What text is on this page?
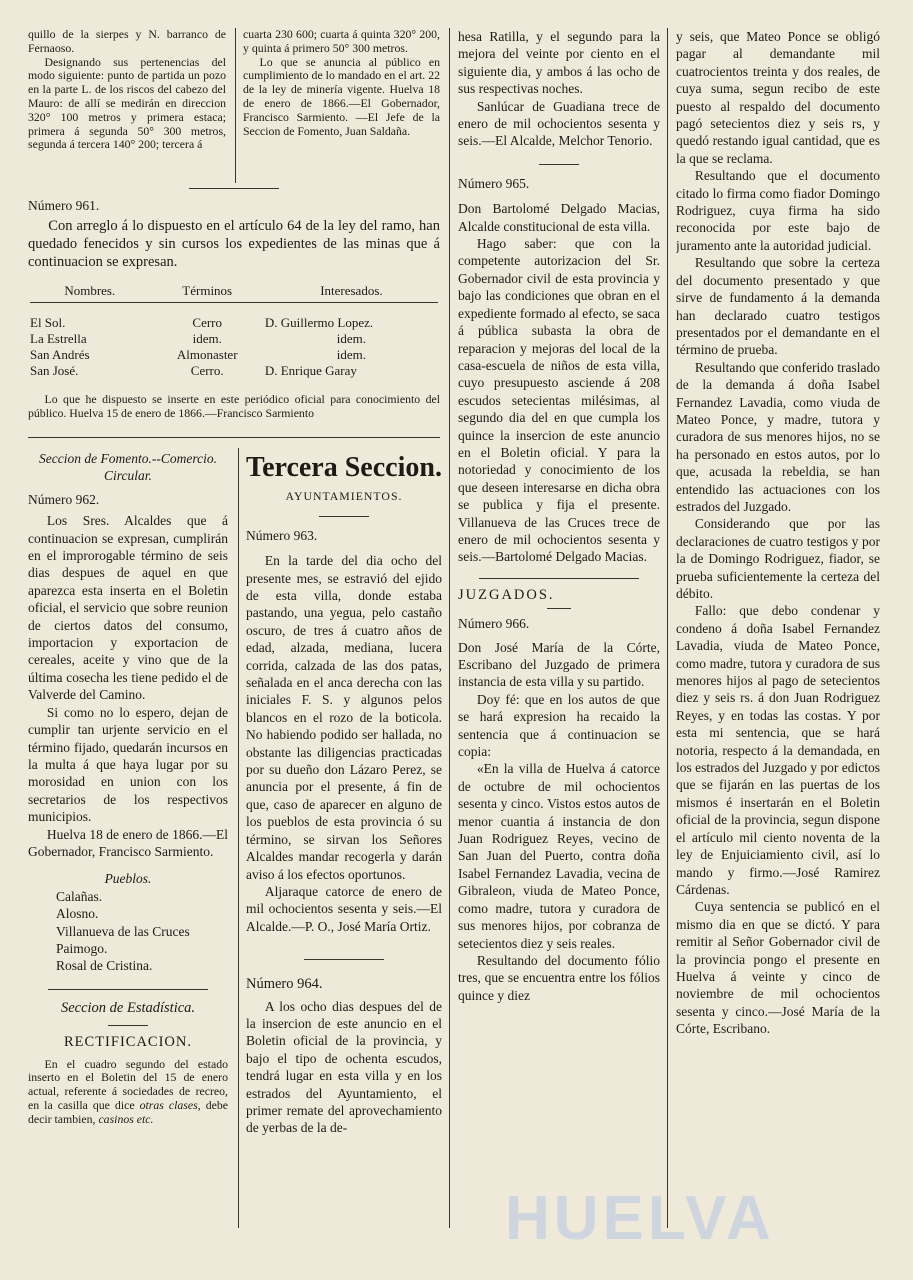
quillo de la sierpes y N. barranco de Fernaoso.

Designando sus pertenencias del modo siguiente: punto de partida un pozo en la parte L. de los riscos del cabezo del Mauro: de allí se medirán en direccion 320° 100 metros y primera estaca; primera á segunda 50° 300 metros, segunda á tercera 140° 200; tercera á

cuarta 230 600; cuarta á quinta 320° 200, y quinta á primero 50° 300 metros.

Lo que se anuncia al público en cumplimiento de lo mandado en el art. 22 de la ley de minería vigente. Huelva 18 de enero de 1866.—El Gobernador, Francisco Sarmiento. —El Jefe de la Seccion de Fomento, Juan Saldaña.

Número 961.

Con arreglo á lo dispuesto en el artículo 64 de la ley del ramo, han quedado fenecidos y sin cursos los expedientes de las minas que á continuacion se expresan.

Nombres.	Términos	Interesados.

El Sol.	Cerro	D. Guillermo Lopez.
La Estrella	idem.	idem.
San Andrés	Almonaster	idem.
San José.	Cerro.	D. Enrique Garay

Lo que he dispuesto se inserte en este periódico oficial para conocimiento del público. Huelva 15 de enero de 1866.—Francisco Sarmiento

Seccion de Fomento.--Comercio. Circular.

Número 962.

Los Sres. Alcaldes que á continuacion se expresan, cumplirán en el improrogable término de seis dias despues de aquel en que aparezca esta inserta en el Boletin oficial, el servicio que sobre reunion de ciertos datos del consumo, importacion y exportacion de cereales, aceite y vino que de la última cosecha les tiene pedido el de Valverde del Camino.

Si como no lo espero, dejan de cumplir tan urjente servicio en el término fijado, quedarán incursos en la multa á que haya lugar por su morosidad en union con los secretarios de los respectivos municipios.

Huelva 18 de enero de 1866.—El Gobernador, Francisco Sarmiento.

Pueblos.

Calañas.

Alosno.

Villanueva de las Cruces

Paimogo.

Rosal de Cristina.

Seccion de Estadística.

RECTIFICACION.

En el cuadro segundo del estado inserto en el Boletin del 15 de enero actual, referente á sociedades de recreo, en la casilla que dice otras clases, debe decir tambien, casinos etc.

Tercera Seccion.

AYUNTAMIENTOS.

Número 963.

En la tarde del dia ocho del presente mes, se estravió del ejido de esta villa, donde estaba pastando, una yegua, pelo castaño oscuro, de tres á cuatro años de edad, alzada, mediana, lucera corrida, calzada de las dos patas, señalada en el anca derecha con las iniciales F. S. y algunos pelos blancos en el rozo de la boticola. No habiendo podido ser hallada, no obstante las diligencias practicadas por su dueño don Lázaro Perez, se anuncia por el presente, á fin de que, caso de aparecer en alguno de los pueblos de esta provincia ó su término, se sirvan los Señores Alcaldes mandar recogerla y darán aviso á los efectos oportunos.

Aljaraque catorce de enero de mil ochocientos sesenta y seis.—El Alcalde.—P. O., José María Ortiz.

Número 964.

A los ocho dias despues del de la insercion de este anuncio en el Boletin oficial de la provincia, y bajo el tipo de ochenta escudos, tendrá lugar en esta villa y en los estrados del Ayuntamiento, el primer remate del aprovechamiento de yerbas de la de-

hesa Ratilla, y el segundo para la mejora del veinte por ciento en el siguiente dia, y ambos á las ocho de sus respectivas noches.

Sanlúcar de Guadiana trece de enero de mil ochocientos sesenta y seis.—El Alcalde, Melchor Tenorio.

Número 965.

Don Bartolomé Delgado Macias, Alcalde constitucional de esta villa.

Hago saber: que con la competente autorizacion del Sr. Gobernador civil de esta provincia y bajo las condiciones que obran en el expediente formado al efecto, se saca á pública subasta la obra de reparacion y mejoras del local de la casa-escuela de niños de esta villa, cuyo presupuesto asciende á 208 escudos setecientas milésimas, al segundo dia del en que cumpla los quince la insercion de este anuncio en el Boletin oficial. Y para la notoriedad y conocimiento de los que deseen interesarse en dicha obra se publica y fija el presente. Villanueva de las Cruces trece de enero de mil ochocientos sesenta y seis.—Bartolomé Delgado Macias.

JUZGADOS.

Número 966.

Don José María de la Córte, Escribano del Juzgado de primera instancia de esta villa y su partido.

Doy fé: que en los autos de que se hará expresion ha recaido la sentencia que á continuacion se copia:

«En la villa de Huelva á catorce de octubre de mil ochocientos sesenta y cinco. Vistos estos autos de menor cuantia á instancia de don Juan Rodriguez Reyes, vecino de San Juan del Puerto, contra doña Isabel Fernandez Lavadia, vecina de Gibraleon, viuda de Mateo Ponce, como madre, tutora y curadora de sus menores hijos, por cobranza de setecientos diez y seis reales.

Resultando del documento fólio tres, que se encuentra entre los fólios quince y diez

y seis, que Mateo Ponce se obligó pagar al demandante mil cuatrocientos treinta y dos reales, de cuya suma, segun recibo de este puesto al respaldo del documento pagó setecientos diez y seis rs, y quedó restando igual cantidad, que es la que se reclama.

Resultando que el documento citado lo firma como fiador Domingo Rodriguez, cuya firma ha sido reconocida por este bajo de juramento ante la autoridad judicial.

Resultando que sobre la certeza del documento presentado y que sirve de fundamento á la demanda han declarado cuatro testigos presentados por el demandante en el término de prueba.

Resultando que conferido traslado de la demanda á doña Isabel Fernandez Lavadia, como viuda de Mateo Ponce, y madre, tutora y curadora de sus menores hijos, no se ha personado en estos autos, por lo que, acusada la rebeldia, se han entendido las actuaciones con los estrados del Juzgado.

Considerando que por las declaraciones de cuatro testigos y por la de Domingo Rodriguez, fiador, se prueba suficientemente la certeza del débito.

Fallo: que debo condenar y condeno á doña Isabel Fernandez Lavadia, viuda de Mateo Ponce, como madre, tutora y curadora de sus menores hijos al pago de setecientos diez y seis rs. á don Juan Rodriguez Reyes, y en todas las costas. Y por esta mi sentencia, que se hará notoria, respecto á la demandada, en los estrados del Juzgado y por edictos que se fijarán en las puertas de los mismos é insertarán en el Boletin oficial de la provincia, segun dispone el artículo mil ciento noventa de la ley de Enjuiciamiento civil, así lo mando y firmo.—José Ramirez Cárdenas.

Cuya sentencia se publicó en el mismo dia en que se dictó. Y para remitir al Señor Gobernador civil de la provincia pongo el presente en Huelva á veinte y cinco de noviembre de mil ochocientos sesenta y cinco.—José María de la Córte, Escribano.

HUELVA
